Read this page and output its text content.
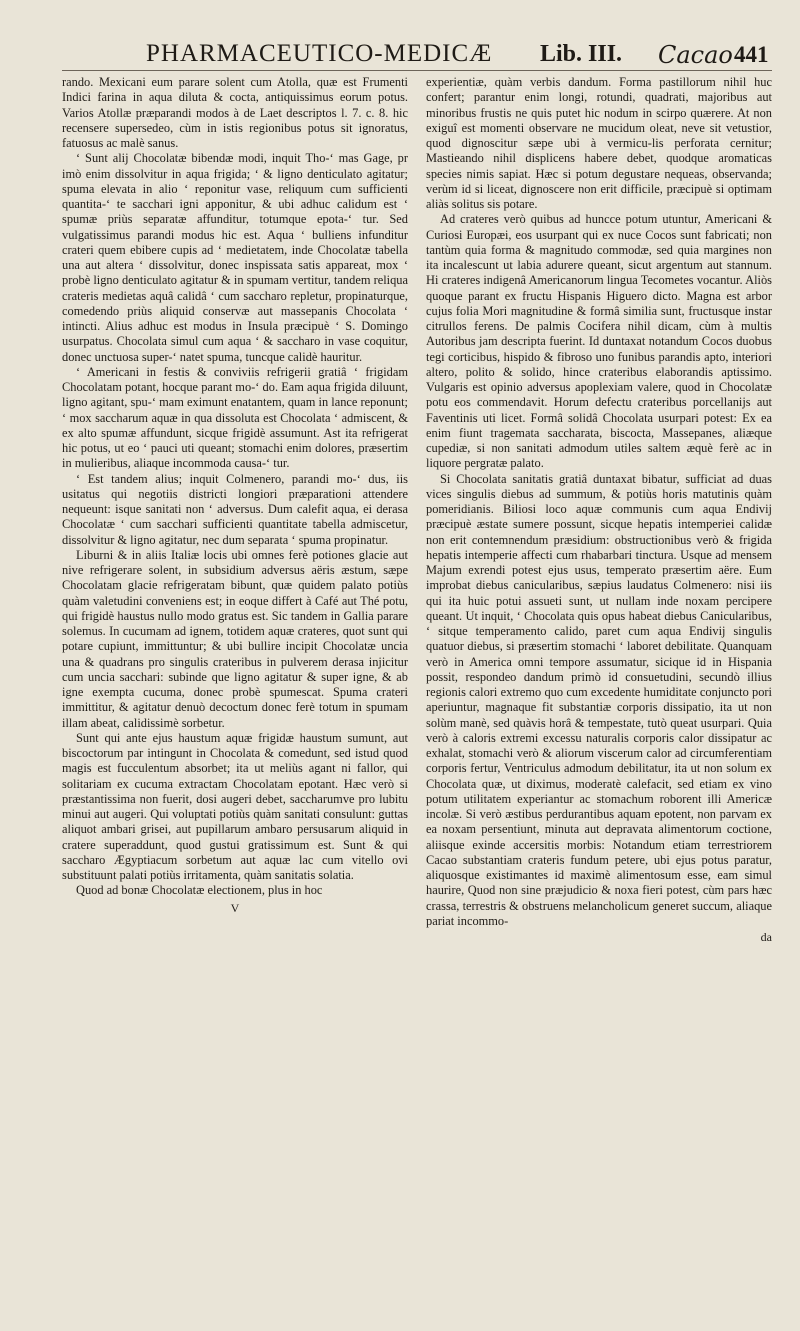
PHARMACEUTICO-MEDICÆ Lib. III. Cacao 441

rando. Mexicani eum parare solent cum Atolla, quæ est Frumenti Indici farina in aqua diluta & cocta, antiquissimus eorum potus. Varios Atollæ præparandi modos à de Laet descriptos l. 7. c. 8. hic recensere supersedeo, cùm in istis regionibus potus sit ignoratus, fatuosus ac malè sanus.

‘ Sunt alij Chocolatæ bibendæ modi, inquit Tho-‘ mas Gage, pr imò enim dissolvitur in aqua frigida; ‘ & ligno denticulato agitatur; spuma elevata in alio ‘ reponitur vase, reliquum cum sufficienti quantita-‘ te sacchari igni apponitur, & ubi adhuc calidum est ‘ spumæ priùs separatæ affunditur, totumque epota-‘ tur. Sed vulgatissimus parandi modus hic est. Aqua ‘ bulliens infunditur crateri quem ebibere cupis ad ‘ medietatem, inde Chocolatæ tabella una aut altera ‘ dissolvitur, donec inspissata satis appareat, mox ‘ probè ligno denticulato agitatur & in spumam vertitur, tandem reliqua crateris medietas aquâ calidâ ‘ cum saccharo repletur, propinaturque, comedendo priùs aliquid conservæ aut massepanis Chocolata ‘ intincti. Alius adhuc est modus in Insula præcipuè ‘ S. Domingo usurpatus. Chocolata simul cum aqua ‘ & saccharo in vase coquitur, donec unctuosa super-‘ natet spuma, tuncque calidè hauritur.

‘ Americani in festis & conviviis refrigerii gratiâ ‘ frigidam Chocolatam potant, hocque parant mo-‘ do. Eam aqua frigida diluunt, ligno agitant, spu-‘ mam eximunt enatantem, quam in lance reponunt; ‘ mox saccharum aquæ in qua dissoluta est Chocolata ‘ admiscent, & ex alto spumæ affundunt, sicque frigidè assumunt. Ast ita refrigerat hic potus, ut eo ‘ pauci uti queant; stomachi enim dolores, præsertim in mulieribus, aliaque incommoda causa-‘ tur.

‘ Est tandem alius; inquit Colmenero, parandi mo-‘ dus, iis usitatus qui negotiis districti longiori præparationi attendere nequeunt: isque sanitati non ‘ adversus. Dum calefit aqua, ei derasa Chocolatæ ‘ cum sacchari sufficienti quantitate tabella admiscetur, dissolvitur & ligno agitatur, nec dum separata ‘ spuma propinatur.

Liburni & in aliis Italiæ locis ubi omnes ferè potiones glacie aut nive refrigerare solent, in subsidium adversus aëris æstum, sæpe Chocolatam glacie refrigeratam bibunt, quæ quidem palato potiùs quàm valetudini conveniens est; in eoque differt à Café aut Thé potu, qui frigidè haustus nullo modo gratus est. Sic tandem in Gallia parare solemus. In cucumam ad ignem, totidem aquæ crateres, quot sunt qui potare cupiunt, immittuntur; & ubi bullire incipit Chocolatæ uncia una & quadrans pro singulis crateribus in pulverem derasa injicitur cum uncia sacchari: subinde que ligno agitatur & super igne, & ab igne exempta cucuma, donec probè spumescat. Spuma crateri immittitur, & agitatur denuò decoctum donec ferè totum in spumam illam abeat, calidissimè sorbetur.

Sunt qui ante ejus haustum aquæ frigidæ haustum sumunt, aut biscoctorum par intingunt in Chocolata & comedunt, sed istud quod magis est fucculentum absorbet; ita ut meliùs agant ni fallor, qui solitariam ex cucuma extractam Chocolatam epotant. Hæc verò si præstantissima non fuerit, dosi augeri debet, saccharumve pro lubitu minui aut augeri. Qui voluptati potiùs quàm sanitati consulunt: guttas aliquot ambari grisei, aut pupillarum ambaro persusarum aliquid in cratere superaddunt, quod gustui gratissimum est. Sunt & qui saccharo Ægyptiacum sorbetum aut aquæ lac cum vitello ovi substituunt palati potiùs irritamenta, quàm sanitatis solatia.

Quod ad bonæ Chocolatæ electionem, plus in hoc

V

experientiæ, quàm verbis dandum. Forma pastillorum nihil huc confert; parantur enim longi, rotundi, quadrati, majoribus aut minoribus frustis ne quis putet hic nodum in scirpo quærere. At non exiguî est momenti observare ne mucidum oleat, neve sit vetustior, quod dignoscitur sæpe ubi à vermicu-lis perforata cernitur; Mastieando nihil displicens habere debet, quodque aromaticas species nimis sapiat. Hæc si potum degustare nequeas, observanda; verùm id si liceat, dignoscere non erit difficile, præcipuè si optimam aliàs solitus sis potare.

Ad crateres verò quibus ad huncce potum utuntur, Americani & Curiosi Europæi, eos usurpant qui ex nuce Cocos sunt fabricati; non tantùm quia forma & magnitudo commodæ, sed quia margines non ita incalescunt ut labia adurere queant, sicut argentum aut stannum. Hi crateres indigenâ Americanorum lingua Tecometes vocantur. Aliòs quoque parant ex fructu Hispanis Higuero dicto. Magna est arbor cujus folia Mori magnitudine & formâ similia sunt, fructusque instar citrullos ferens. De palmis Cocifera nihil dicam, cùm à multis Autoribus jam descripta fuerint. Id duntaxat notandum Cocos duobus tegi corticibus, hispido & fibroso uno funibus parandis apto, interiori altero, polito & solido, hince crateribus elaborandis aptissimo. Vulgaris est opinio adversus apoplexiam valere, quod in Chocolatæ potu eos commendavit. Horum defectu crateribus porcellanijs aut Faventinis uti licet. Formâ solidâ Chocolata usurpari potest: Ex ea enim fiunt tragemata saccharata, biscocta, Massepanes, aliæque cupediæ, si non sanitati admodum utiles saltem æquè ferè ac in liquore pergratæ palato.

Si Chocolata sanitatis gratiâ duntaxat bibatur, sufficiat ad duas vices singulis diebus ad summum, & potiùs horis matutinis quàm pomeridianis. Biliosi loco aquæ communis cum aqua Endivij præcipuè æstate sumere possunt, sicque hepatis intemperiei calidæ non erit contemnendum præsidium: obstructionibus verò & frigida hepatis intemperie affecti cum rhabarbari tinctura. Usque ad mensem Majum exrendi potest ejus usus, temperato præsertim aëre. Eum improbat diebus canicularibus, sæpius laudatus Colmenero: nisi iis qui ita huic potui assueti sunt, ut nullam inde noxam percipere queant. Ut inquit, ‘ Chocolata quis opus habeat diebus Canicularibus, ‘ sitque temperamento calido, paret cum aqua Endivij singulis quatuor diebus, si præsertim stomachi ‘ laboret debilitate. Quanquam verò in America omni tempore assumatur, sicique id in Hispania possit, respondeo dandum primò id consuetudini, secundò illius regionis calori extremo quo cum excedente humiditate conjuncto pori aperiuntur, magnaque fit substantiæ corporis dissipatio, ita ut non solùm manè, sed quàvis horâ & tempestate, tutò queat usurpari. Quia verò à caloris extremi excessu naturalis corporis calor dissipatur ac exhalat, stomachi verò & aliorum viscerum calor ad circumferentiam corporis fertur, Ventriculus admodum debilitatur, ita ut non solum ex Chocolata quæ, ut diximus, moderatè calefacit, sed etiam ex vino potum utilitatem experiantur ac stomachum roborent illi Americæ incolæ. Si verò æstibus perdurantibus aquam epotent, non parvam ex ea noxam persentiunt, minuta aut depravata alimentorum coctione, aliisque exinde accersitis morbis: Notandum etiam terrestriorem Cacao substantiam crateris fundum petere, ubi ejus potus paratur, aliquosque existimantes id maximè alimentosum esse, eam simul haurire, Quod non sine præjudicio & noxa fieri potest, cùm pars hæc crassa, terrestris & obstruens melancholicum generet succum, aliaque pariat incommo-

da
